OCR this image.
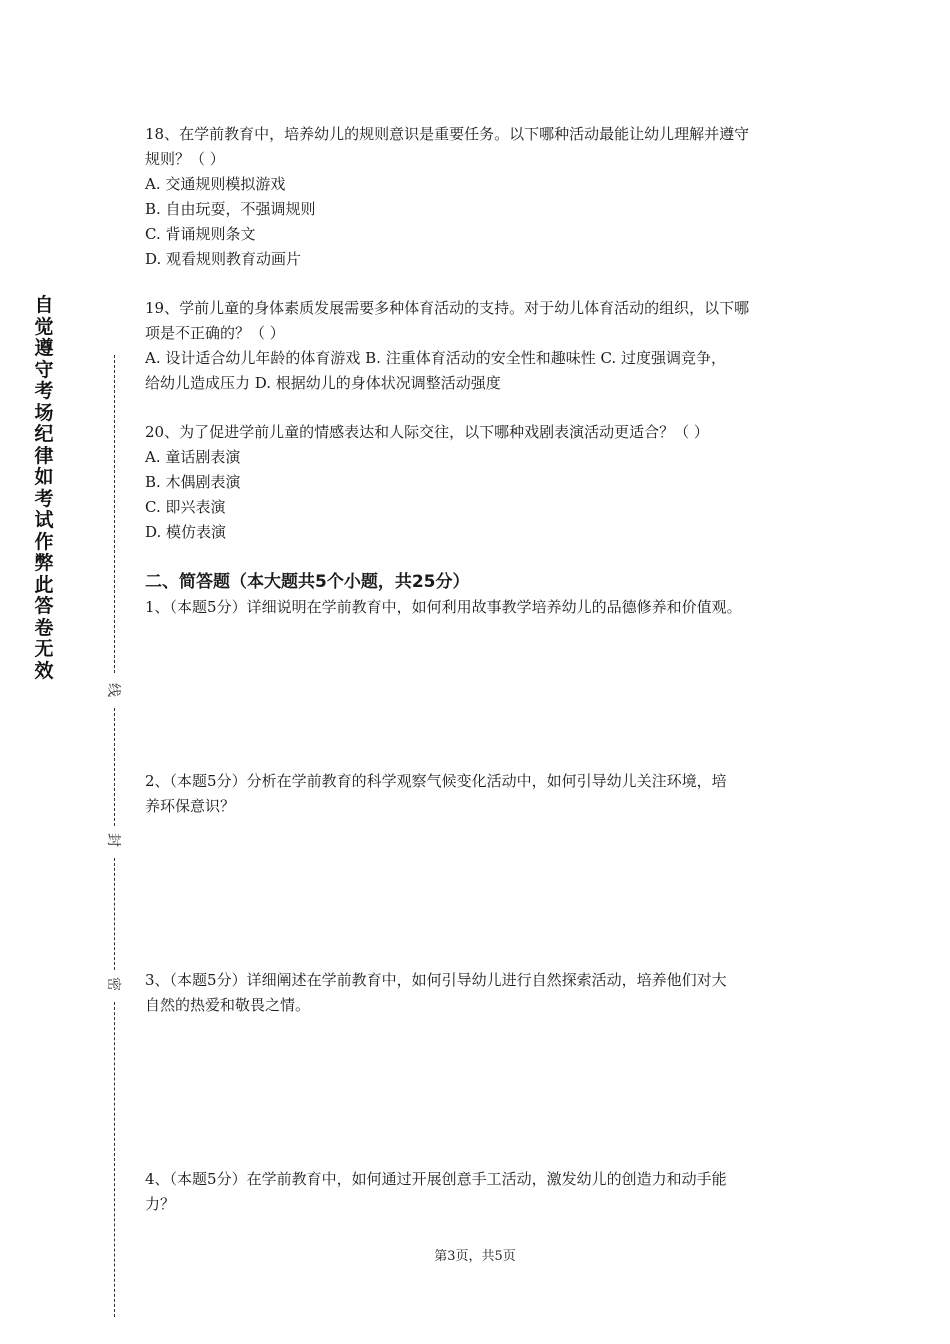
自觉遵守考场纪律如考试作弊此答卷无效
线
封
密
18、在学前教育中，培养幼儿的规则意识是重要任务。以下哪种活动最能让幼儿理解并遵守
规则？（ ）
A. 交通规则模拟游戏
B. 自由玩耍，不强调规则
C. 背诵规则条文
D. 观看规则教育动画片
19、学前儿童的身体素质发展需要多种体育活动的支持。对于幼儿体育活动的组织，以下哪
项是不正确的？（ ）
A. 设计适合幼儿年龄的体育游戏 B. 注重体育活动的安全性和趣味性 C. 过度强调竞争，
给幼儿造成压力 D. 根据幼儿的身体状况调整活动强度
20、为了促进学前儿童的情感表达和人际交往，以下哪种戏剧表演活动更适合？（ ）
A. 童话剧表演
B. 木偶剧表演
C. 即兴表演
D. 模仿表演
二、简答题（本大题共5个小题，共25分）
1、（本题5分）详细说明在学前教育中，如何利用故事教学培养幼儿的品德修养和价值观。
2、（本题5分）分析在学前教育的科学观察气候变化活动中，如何引导幼儿关注环境，培
养环保意识？
3、（本题5分）详细阐述在学前教育中，如何引导幼儿进行自然探索活动，培养他们对大
自然的热爱和敬畏之情。
4、（本题5分）在学前教育中，如何通过开展创意手工活动，激发幼儿的创造力和动手能
力？
第3页，共5页
